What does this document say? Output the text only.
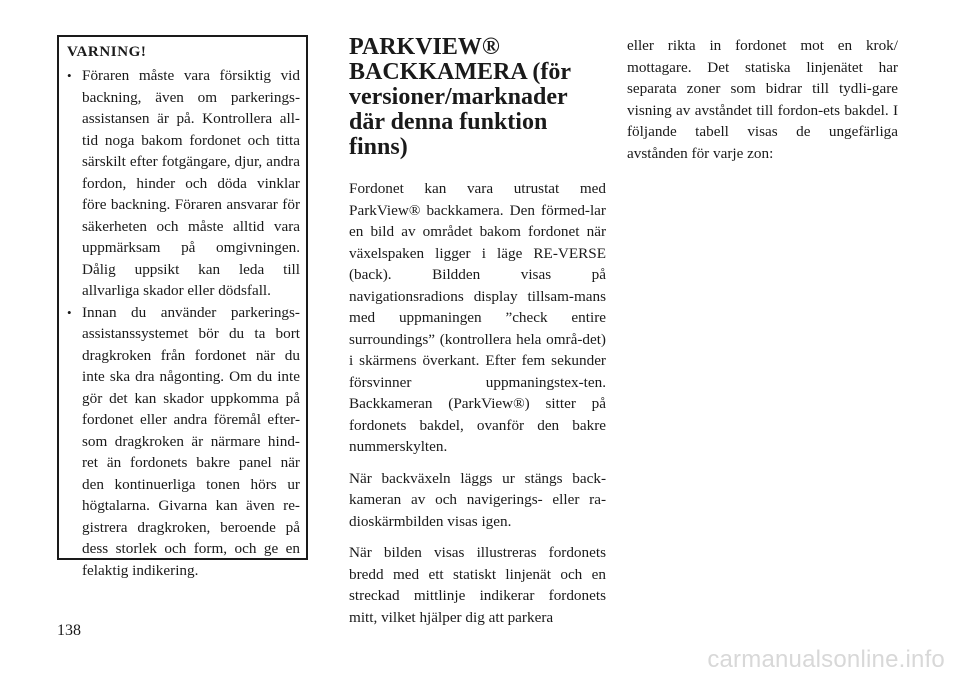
VARNING!
• Föraren måste vara försiktig vid backning, även om parkerings-assistansen är på. Kontrollera all-tid noga bakom fordonet och titta särskilt efter fotgängare, djur, andra fordon, hinder och döda vinklar före backning. Föraren ansvarar för säkerheten och måste alltid vara uppmärksam på omgivningen. Dålig uppsikt kan leda till allvarliga skador eller dödsfall.
• Innan du använder parkerings-assistanssystemet bör du ta bort dragkroken från fordonet när du inte ska dra någonting. Om du inte gör det kan skador uppkomma på fordonet eller andra föremål efter-som dragkroken är närmare hind-ret än fordonets bakre panel när den kontinuerliga tonen hörs ur högtalarna. Givarna kan även re-gistrera dragkroken, beroende på dess storlek och form, och ge en felaktig indikering.
PARKVIEW® BACKKAMERA (för versioner/marknader där denna funktion finns)

Fordonet kan vara utrustat med ParkView® backkamera. Den förmed-lar en bild av området bakom fordonet när växelspaken ligger i läge RE-VERSE (back). Bildden visas på navigationsradions display tillsam-mans med uppmaningen ”check entire surroundings” (kontrollera hela områ-det) i skärmens överkant. Efter fem sekunder försvinner uppmaningstex-ten. Backkameran (ParkView®) sitter på fordonets bakdel, ovanför den bakre nummerskylten.

När backväxeln läggs ur stängs back-kameran av och navigerings- eller ra-dioskärmbilden visas igen.

När bilden visas illustreras fordonets bredd med ett statiskt linjenät och en streckad mittlinje indikerar fordonets mitt, vilket hjälper dig att parkera

eller rikta in fordonet mot en krok/ mottagare. Det statiska linjenätet har separata zoner som bidrar till tydli-gare visning av avståndet till fordon-ets bakdel. I följande tabell visas de ungefärliga avstånden för varje zon:

138
carmanualsonline.info
